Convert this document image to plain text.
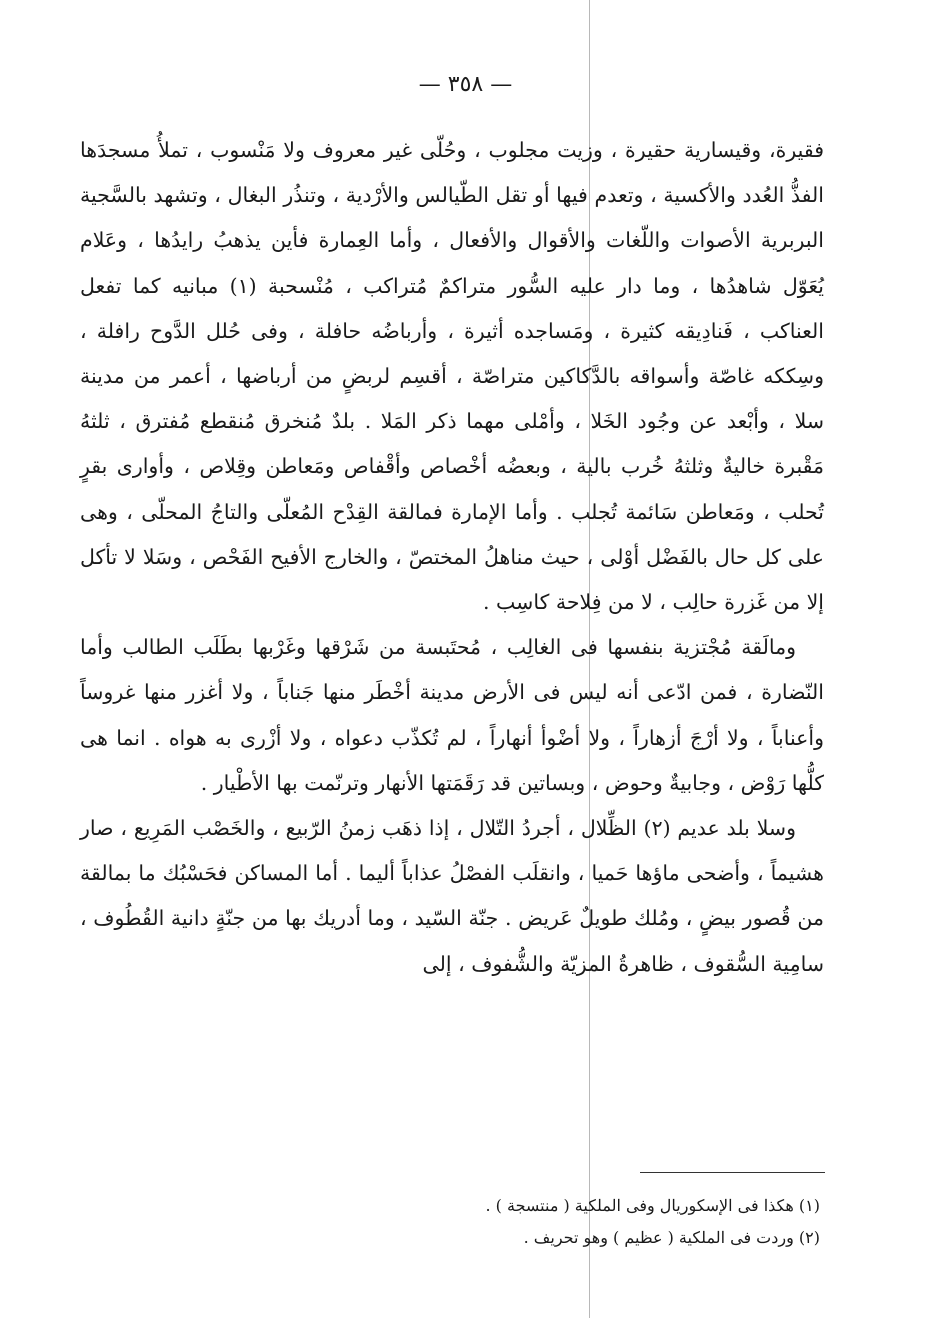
— ٣٥٨ —

فقيرة، وقيسارية حقيرة ، وزيت مجلوب ، وحُلّى غير معروف ولا مَنْسوب ، تملأُ مسجدَها الفذُّ العُدد والأكسية ، وتعدم فيها أو تقل الطّيالس والأرْدية ، وتنذُر البغال ، وتشهد بالسَّجية البربرية الأصوات واللّغات والأقوال والأفعال ، وأما العِمارة فأين يذهبُ رايدُها ، وعَلام يُعَوّل شاهدُها ، وما دار عليه السُّور متراكمٌ مُتراكب ، مُنْسحبة (١) مبانيه كما تفعل العناكب ، فَنادِيقه كثيرة ، ومَساجده أثيرة ، وأرباضُه حافلة ، وفى حُلل الدَّوح رافلة ، وسِككه غاصّة وأسواقه بالدَّكاكين متراصّة ، أقسِم لربضٍ من أرباضها ، أعمر من مدينة سلا ، وأبْعد عن وجُود الخَلا ، وأمْلى مهما ذكر المَلا . بلدٌ مُنخرق مُنقطع مُفترق ، ثلثهُ مَقْبرة خاليةٌ وثلثهُ خُرب بالية ، وبعضُه أخْصاص وأقْفاص ومَعاطن وقِلاص ، وأوارى بقرٍ تُحلب ، ومَعاطن سَائمة تُجلب . وأما الإمارة فمالقة القِدْح المُعلّى والتاجُ المحلّى ، وهى على كل حال بالفَضْل أوْلى ، حيث مناهلُ المختصّ ، والخارج الأفيح الفَحْص ، وسَلا لا تأكل إلا من غَزرة حالِب ، لا من فِلاحة كاسِب .

ومالَقة مُجْتزية بنفسها فى الغالِب ، مُحتَبسة من شَرْقها وغَرْبها بطَلَب الطالب وأما النّضارة ، فمن ادّعى أنه ليس فى الأرض مدينة أخْطَر منها جَناباً ، ولا أغزر منها غروساً وأعناباً ، ولا أرْجَ أزهاراً ، ولا أضْوأ أنهاراً ، لم تُكذّب دعواه ، ولا أزْرى به هواه . انما هى كلُّها رَوْض ، وجابيةٌ وحوض ، وبساتين قد رَقَمَتها الأنهار وترنّمت بها الأطْيار .

وسلا بلد عديم (٢) الظِّلال ، أجردُ التّلال ، إذا ذهَب زمنُ الرّبيع ، والخَصْب المَرِيع ، صار هشيماً ، وأضحى ماؤها حَميا ، وانقلَب الفصْلُ عذاباً أليما . أما المساكن فحَسْبُك ما بمالقة من قُصور بيضٍ ، ومُلك طويلٌ عَريض . جنّة السّيد ، وما أدريك بها من جنّةٍ دانية القُطُوف ، سامِية السُّقوف ، ظاهرةُ المزيّة والشُّفوف ، إلى

(١) هكذا فى الإسكوريال وفى الملكية ( منتسجة ) .

(٢) وردت فى الملكية ( عظيم ) وهو تحريف .
